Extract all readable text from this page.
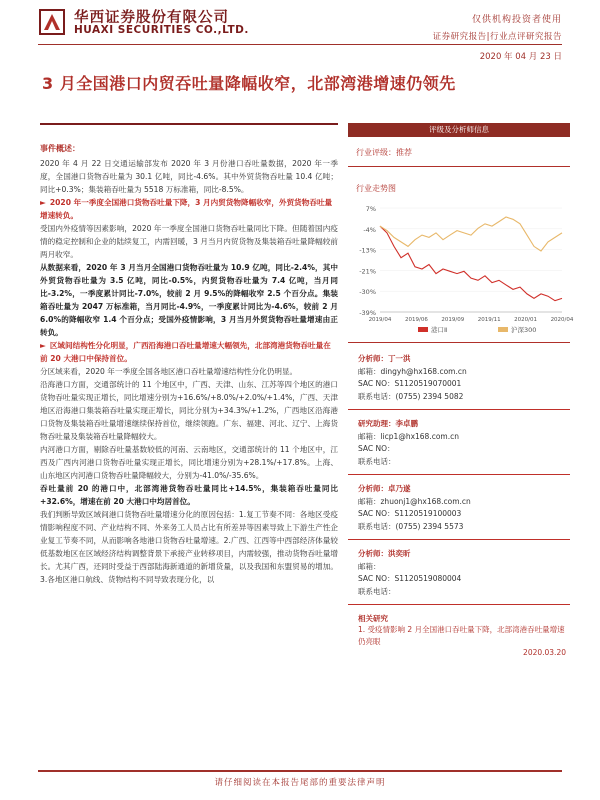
华西证券股份有限公司
HUAXI SECURITIES CO.,LTD.
仅供机构投资者使用
证券研究报告|行业点评研究报告
2020 年 04 月 23 日
3 月全国港口内贸吞吐量降幅收窄，北部湾港增速仍领先
事件概述：
2020 年 4 月 22 日交通运输部发布 2020 年 3 月份港口吞吐量数据，2020 年一季度，全国港口货物吞吐量为 30.1 亿吨，同比-4.6%。其中外贸货物吞吐量 10.4 亿吨；同比+0.3%；集装箱吞吐量为 5518 万标准箱，同比-8.5%。
► 2020 年一季度全国港口货物吞吐量下降，3 月内贸货物降幅收窄，外贸货物吞吐量增速转负。
受国内外疫情等因素影响，2020 年一季度全国港口货物吞吐量同比下降。但随着国内疫情的稳定控制和企业的陆续复工，内需回暖，3 月当月内贸货物及集装箱吞吐量降幅较前两月收窄。
从数据来看，2020 年 3 月当月全国港口货物吞吐量为 10.9 亿吨，同比-2.4%，其中外贸货物吞吐量为 3.5 亿吨，同比-0.5%，内贸货物吞吐量为 7.4 亿吨，当月同比-3.2%，一季度累计同比-7.0%，较前 2 月 9.5%的降幅收窄 2.5 个百分点。集装箱吞吐量为 2047 万标准箱，当月同比-4.9%，一季度累计同比为-4.6%，较前 2 月 6.0%的降幅收窄 1.4 个百分点；受国外疫情影响，3 月当月外贸货物吞吐量增速由正转负。
► 区域间结构性分化明显，广西沿海港口吞吐量增速大幅领先，北部湾港货物吞吐量在前 20 大港口中保持首位。
分区域来看，2020 年一季度全国各地区港口吞吐量增速结构性分化仍明显。
沿海港口方面，交通部统计的 11 个地区中，广西、天津、山东、江苏等四个地区的港口货物吞吐量实现正增长，同比增速分别为+16.6%/+8.0%/+2.0%/+1.4%，广西、天津地区沿海港口集装箱吞吐量实现正增长，同比分别为+34.3%/+1.2%，广西地区沿海港口货物及集装箱吞吐量增速继续保持首位，继续领跑。广东、福建、河北、辽宁、上海货物吞吐量及集装箱吞吐量降幅较大。
内河港口方面，剔除吞吐量基数较低的河南、云南地区，交通部统计的 11 个地区中，江西及广西内河港口货物吞吐量实现正增长，同比增速分别为+28.1%/+17.8%。上海、山东地区内河港口货物吞吐量降幅较大，分别为-41.0%/-35.6%。
吞吐量前 20 的港口中，北部湾港货物吞吐量同比+14.5%，集装箱吞吐量同比+32.6%，增速在前 20 大港口中均居首位。
我们判断导致区域间港口货物吞吐量增速分化的原因包括：1.复工节奏不同：各地区受疫情影响程度不同、产业结构不同、外来务工人员占比有所差异等因素导致上下游生产性企业复工节奏不同，从而影响各地港口货物吞吐量增速。2.广西、江西等中西部经济体量较低基数地区在区域经济结构调整背景下承接产业转移项目，内需较强，推动货物吞吐量增长。尤其广西，还同时受益于西部陆海新通道的新增货量，以及我国和东盟贸易的增加。3.各地区港口航线、货物结构不同导致表现分化，以
评级及分析师信息
行业评级：推荐
行业走势图
7%
-4%
-13%
-21%
-30%
-39%
2019/04 2019/06 2019/09 2019/11 2020/01 2020/04
港口Ⅱ	沪深300
分析师：丁一洪
邮箱：dingyh@hx168.com.cn
SAC NO：S1120519070001
联系电话：(0755) 2394 5082
研究助理：李卓鹏
邮箱：licp1@hx168.com.cn
SAC NO：
联系电话：
分析师：卓乃遂
邮箱：zhuonj1@hx168.com.cn
SAC NO：S1120519100003
联系电话：(0755) 2394 5573
分析师：洪奕昕
邮箱：
SAC NO：S1120519080004
联系电话：
相关研究
1. 受疫情影响 2 月全国港口吞吐量下降，北部湾港吞吐量增速仍亮眼
2020.03.20
请仔细阅读在本报告尾部的重要法律声明
